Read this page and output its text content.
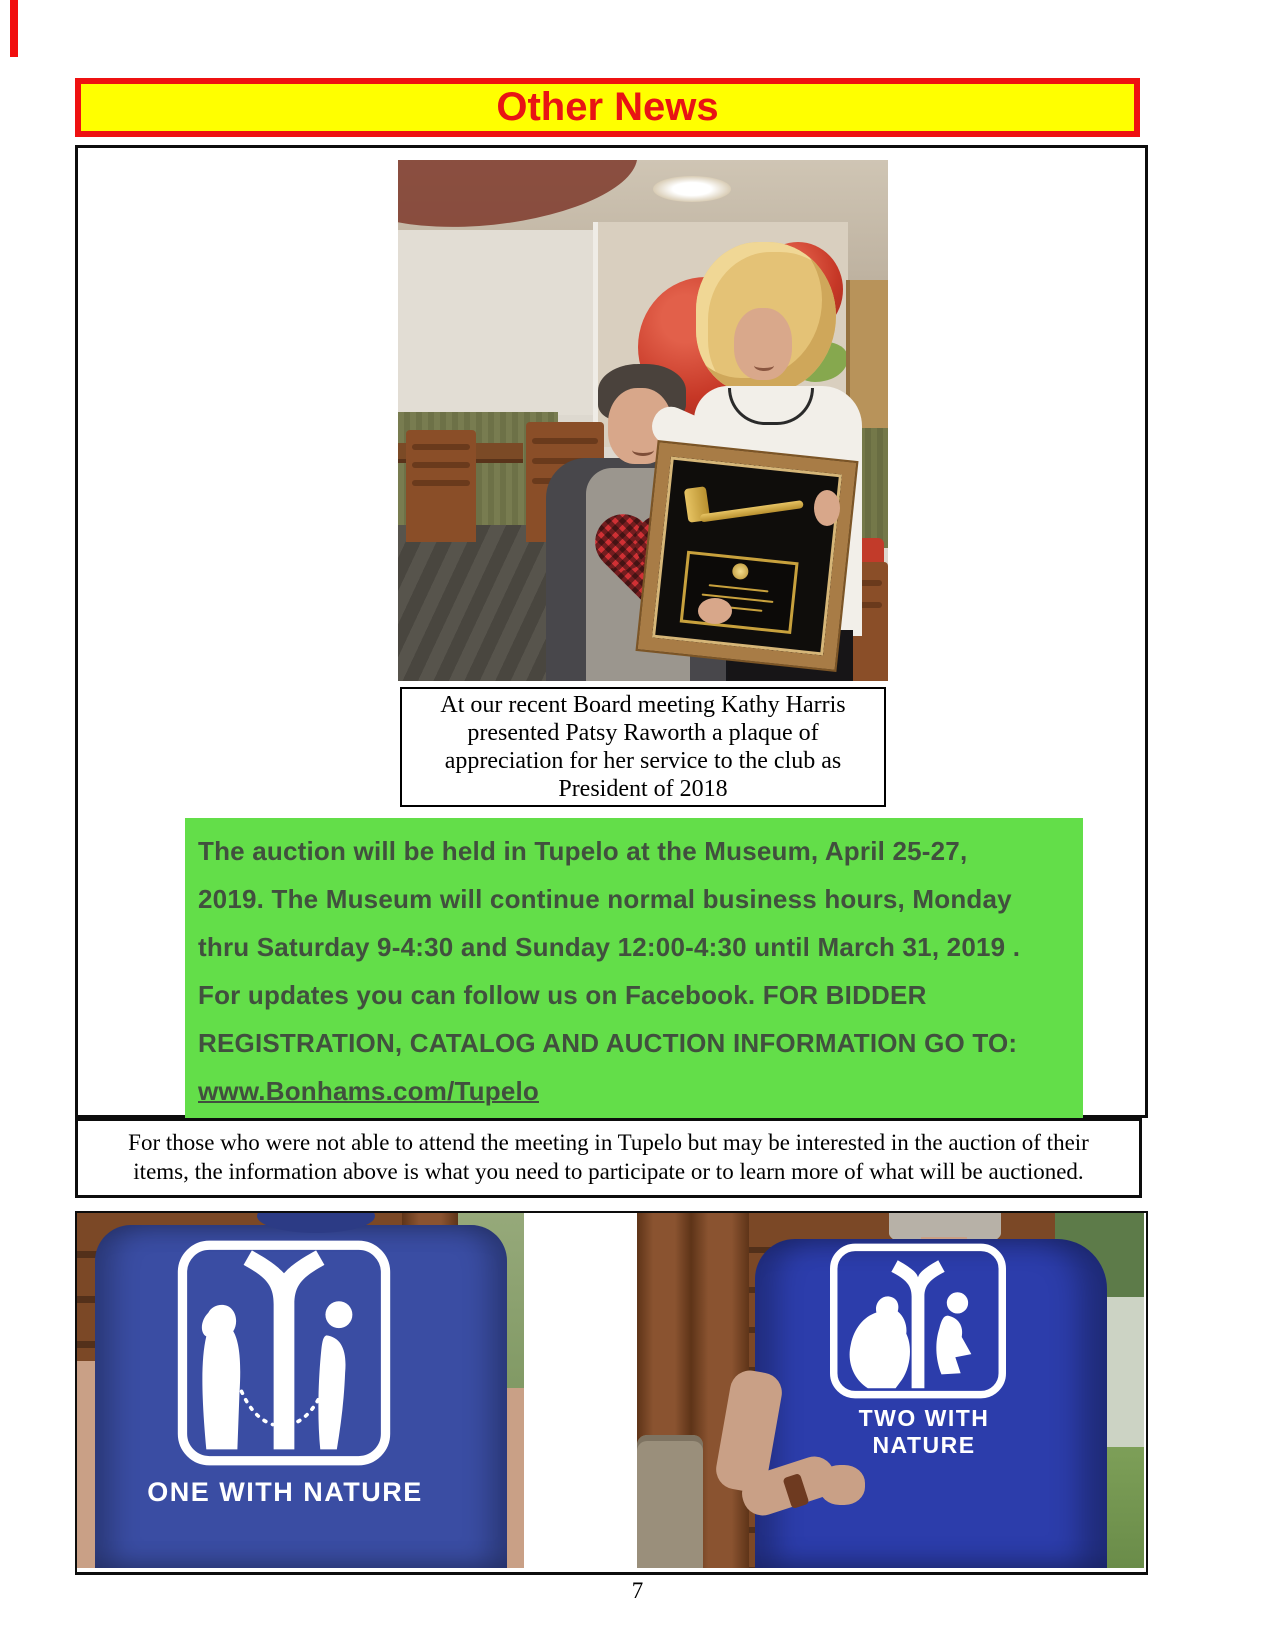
Other News
At our recent Board meeting Kathy Harris
presented Patsy Raworth a plaque of
appreciation for her service to the club as
President of 2018
The auction will be held in Tupelo at the Museum, April 25-27,
2019. The Museum will continue normal business hours, Monday
thru Saturday 9-4:30 and Sunday 12:00-4:30 until March 31, 2019 .
For updates you can follow us on Facebook. FOR BIDDER
REGISTRATION, CATALOG AND AUCTION INFORMATION GO TO:
www.Bonhams.com/Tupelo
For those who were not able to attend the meeting in Tupelo but may be interested in the auction of their
items, the information above is what you need to participate or to learn more of what will be auctioned.
ONE WITH NATURE
TWO WITH NATURE
7
